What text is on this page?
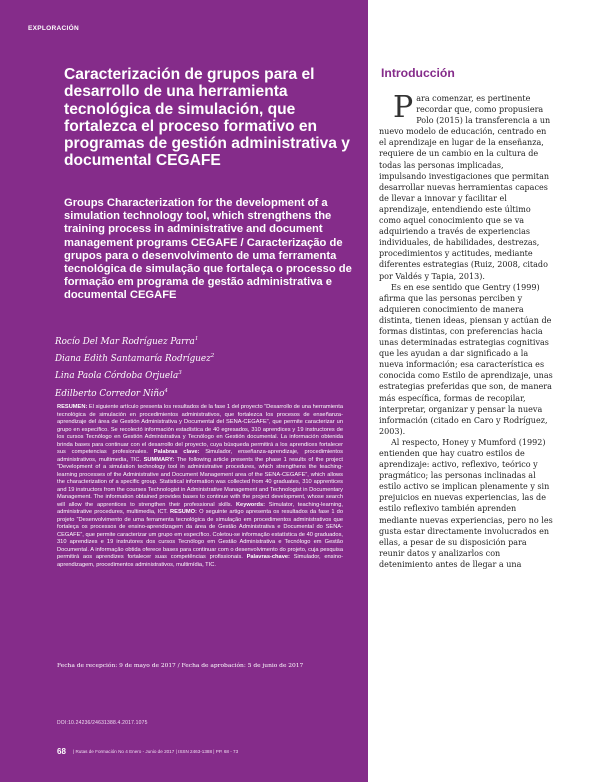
EXPLORACIÓN
Caracterización de grupos para el desarrollo de una herramienta tecnológica de simulación, que fortalezca el proceso formativo en programas de gestión administrativa y documental CEGAFE
Groups Characterization for the development of a simulation technology tool, which strengthens the training process in administrative and document management programs CEGAFE / Caracterização de grupos para o desenvolvimento de uma ferramenta tecnológica de simulação que fortaleça o processo de formação em programa de gestão administrativa e documental CEGAFE
Rocío Del Mar Rodríguez Parra$^1$
Diana Edith Santamaría Rodríguez$^2$
Lina Paola Córdoba Orjuela$^3$
Edilberto Corredor Niño$^4$

RESUMEN: El siguiente artículo presenta los resultados de la fase 1 del proyecto “Desarrollo de una herramienta tecnológica de simulación en procedimientos administrativos, que fortalezca los procesos de enseñanza-aprendizaje del área de Gestión Administrativa y Documental del SENA-CEGAFE”, que permite caracterizar un grupo en específico. Se recolectó información estadística de 40 egresados, 310 aprendices y 19 instructores de los cursos Tecnólogo en Gestión Administrativa y Tecnólogo en Gestión documental. La información obtenida brinda bases para continuar con el desarrollo del proyecto, cuya búsqueda permitirá a los aprendices fortalecer sus competencias profesionales. Palabras clave: Simulador, enseñanza-aprendizaje, procedimientos administrativos, multimedia, TIC. SUMMARY: The following article presents the phase 1 results of the project “Development of a simulation technology tool in administrative procedures, which strengthens the teaching-learning processes of the Administrative and Document Management area of the SENA-CEGAFE”, which allows the characterization of a specific group. Statistical information was collected from 40 graduates, 310 apprentices and 19 instructors from the courses Technologist in Administrative Management and Technologist in Documentary Management. The information obtained provides bases to continue with the project development, whose search will allow the apprentices to strengthen their professional skills. Keywords: Simulator, teaching-learning, administrative procedures, multimedia, ICT. RESUMO: O seguinte artigo apresenta os resultados da fase 1 do projeto “Desenvolvimento de uma ferramenta tecnológica de simulação em procedimentos administrativos que fortaleça os processos de ensino-aprendizagem da área de Gestão Administrativa e Documental do SENA-CEGAFE”, que permite caracterizar um grupo em específico. Coletou-se informação estatística de 40 graduados, 310 aprendizes e 19 instrutores dos cursos Tecnólogo em Gestão Administrativa e Tecnólogo em Gestão Documental. A informação obtida oferece bases para continuar com o desenvolvimento do projeto, cuja pesquisa permitirá aos aprendizes fortalecer suas competências profissionais. Palavras-chave: Simulador, ensino-aprendizagem, procedimentos administrativos, multimídia, TIC.

Fecha de recepción: 9 de mayo de 2017 / Fecha de aprobación: 5 de junio de 2017
DOI:10.24236/24631388.4.2017.1075
68 | Rutas de Formación No 4 Enero - Junio de 2017 | ISSN 2463-1388 | PP. 68 - 73
Introducción
P ara comenzar, es pertinente recordar que, como propusiera Polo (2015) la transferencia a un nuevo modelo de educación, centrado en el aprendizaje en lugar de la enseñanza, requiere de un cambio en la cultura de todas las personas implicadas, impulsando investigaciones que permitan desarrollar nuevas herramientas capaces de llevar a innovar y facilitar el aprendizaje, entendiendo este último como aquel conocimiento que se va adquiriendo a través de experiencias individuales, de habilidades, destrezas, procedimientos y actitudes, mediante diferentes estrategias (Ruiz, 2008, citado por Valdés y Tapia, 2013).

Es en ese sentido que Gentry (1999) afirma que las personas perciben y adquieren conocimiento de manera distinta, tienen ideas, piensan y actúan de formas distintas, con preferencias hacia unas determinadas estrategias cognitivas que les ayudan a dar significado a la nueva información; esa característica es conocida como Estilo de aprendizaje, unas estrategias preferidas que son, de manera más específica, formas de recopilar, interpretar, organizar y pensar la nueva información (citado en Caro y Rodríguez, 2003).

Al respecto, Honey y Mumford (1992) entienden que hay cuatro estilos de aprendizaje: activo, reflexivo, teórico y pragmático; las personas inclinadas al estilo activo se implican plenamente y sin prejuicios en nuevas experiencias, las de estilo reflexivo también aprenden mediante nuevas experiencias, pero no les gusta estar directamente involucrados en ellas, a pesar de su disposición para reunir datos y analizarlos con detenimiento antes de llegar a una
